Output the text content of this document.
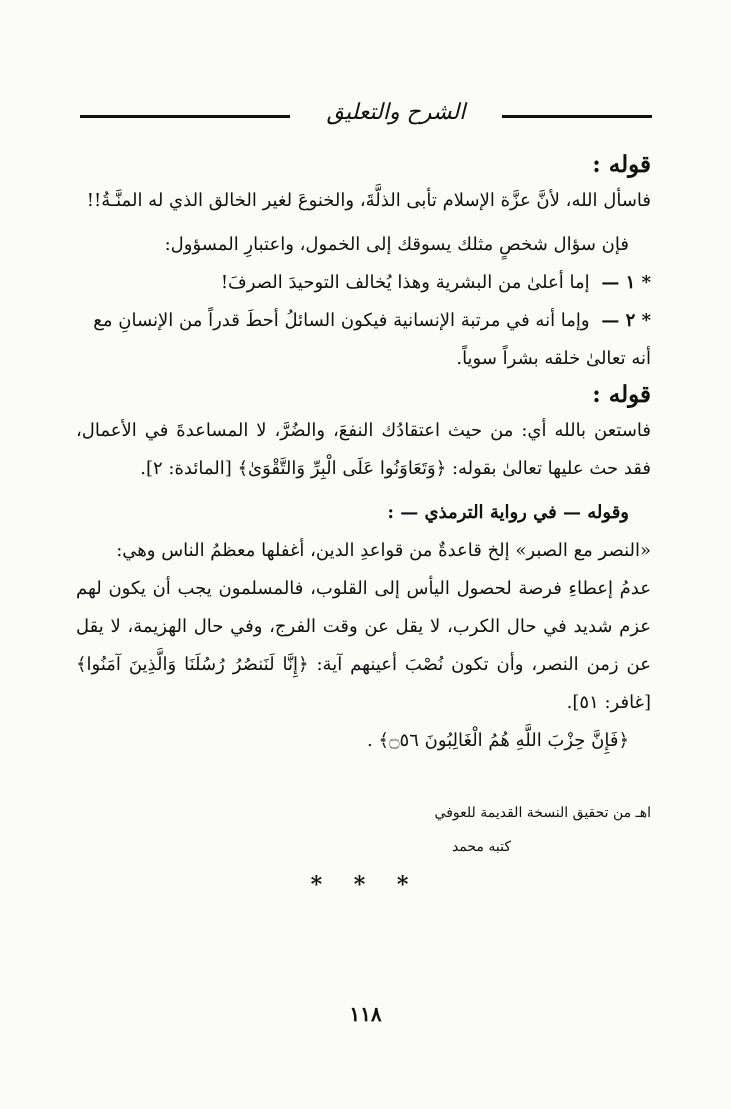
الشرح والتعليق

قوله :

فاسأل الله، لأنَّ عزَّة الإسلام تأبى الذلَّةَ، والخنوعَ لغير الخالق الذي له المنَّـةُ!!

فإن سؤال شخصٍ مثلك يسوقك إلى الخمول، واعتبارِ المسؤول:

* ١ — إما أعلىٰ من البشرية وهذا يُخالف التوحيدَ الصرفَ!

* ٢ — وإما أنه في مرتبة الإنسانية فيكون السائلُ أحطَ قدراً من الإنسانِ مع أنه تعالىٰ خلقه بشراً سوياً.

قوله :

فاستعن بالله أي: من حيث اعتقادُك النفعَ، والضُرَّ، لا المساعدةَ في الأعمال، فقد حث عليها تعالىٰ بقوله: ﴿وَتَعَاوَنُوا عَلَى الْبِرِّ وَالتَّقْوَىٰ﴾ [المائدة: ٢].

وقوله — في رواية الترمذي — :

«النصر مع الصبر» إلخ قاعدةٌ من قواعدِ الدين، أغفلها معظمُ الناس وهي:

عدمُ إعطاءِ فرصة لحصول اليأس إلى القلوب، فالمسلمون يجب أن يكون لهم عزم شديد في حال الكرب، لا يقل عن وقت الفرج، وفي حال الهزيمة، لا يقل عن زمن النصر، وأن تكون نُصْبَ أعينهم آية: ﴿إِنَّا لَنَنصُرُ رُسُلَنَا وَالَّذِينَ آمَنُوا﴾ [غافر: ٥١].

﴿فَإِنَّ حِزْبَ اللَّهِ هُمُ الْغَالِبُونَ ۝٥٦﴾ .

اهـ من تحقيق النسخة القديمة للعوفي
كتبه محمد
* * *
١١٨
